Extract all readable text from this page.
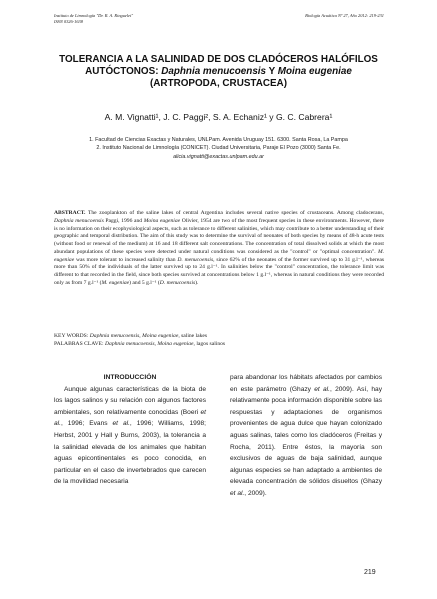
Instituto de Limnología "Dr. R. A. Ringuelet"
ISSN 0326-1638
Biología Acuática Nº 27, Año 2012: 219-231
TOLERANCIA A LA SALINIDAD DE DOS CLADÓCEROS HALÓFILOS
AUTÓCTONOS: Daphnia menucoensis Y Moina eugeniae
(ARTROPODA, CRUSTACEA)
A. M. Vignatti¹, J. C. Paggi², S. A. Echaniz¹ y G. C. Cabrera¹

1. Facultad de Ciencias Exactas y Naturales, UNLPam. Avenida Uruguay 151. 6300. Santa Rosa, La Pampa

2. Instituto Nacional de Limnología (CONICET). Ciudad Universitaria, Paraje El Pozo (3000) Santa Fe.

alicia.vignatti@exactas.unlpam.edu.ar

ABSTRACT. The zooplankton of the saline lakes of central Argentina includes several native species of crustaceans. Among cladocerans, Daphnia menucoensis Paggi, 1996 and Moina eugeniae Olivier, 1954 are two of the most frequent species in these environments. However, there is no information on their ecophysiological aspects, such as tolerance to different salinities, which may contribute to a better understanding of their geographic and temporal distribution. The aim of this study was to determine the survival of neonates of both species by means of 48-h acute tests (without food or renewal of the medium) at 16 and 18 different salt concentrations. The concentration of total dissolved solids at which the most abundant populations of these species were detected under natural conditions was considered as the "control" or "optimal concentration". M. eugeniae was more tolerant to increased salinity than D. menucoensis, since 62% of the neonates of the former survived up to 31 g.l⁻¹, whereas more than 50% of the individuals of the latter survived up to 24 g.l⁻¹. In salinities below the "control" concentration, the tolerance limit was different to that recorded in the field, since both species survived at concentrations below 1 g.l⁻¹, whereas in natural conditions they were recorded only as from 7 g.l⁻¹ (M. eugeniae) and 5 g.l⁻¹ (D. menucoensis).

KEY WORDS: Daphnia menucoensis, Moina eugeniae, saline lakes

PALABRAS CLAVE: Daphnia menucoensis, Moina eugeniae, lagos salinos

INTRODUCCIÓN

Aunque algunas características de la biota de los lagos salinos y su relación con algunos factores ambientales, son relativamente conocidas (Boeri et al., 1996; Evans et al., 1996; Williams, 1998; Herbst, 2001 y Hall y Burns, 2003), la tolerancia a la salinidad elevada de los animales que habitan aguas epicontinentales es poco conocida, en particular en el caso de invertebrados que carecen de la movilidad necesaria

para abandonar los hábitats afectados por cambios en este parámetro (Ghazy et al., 2009). Así, hay relativamente poca información disponible sobre las respuestas y adaptaciones de organismos provenientes de agua dulce que hayan colonizado aguas salinas, tales como los cladóceros (Freitas y Rocha, 2011). Entre éstos, la mayoría son exclusivos de aguas de baja salinidad, aunque algunas especies se han adaptado a ambientes de elevada concentración de sólidos disueltos (Ghazy et al., 2009).

219
